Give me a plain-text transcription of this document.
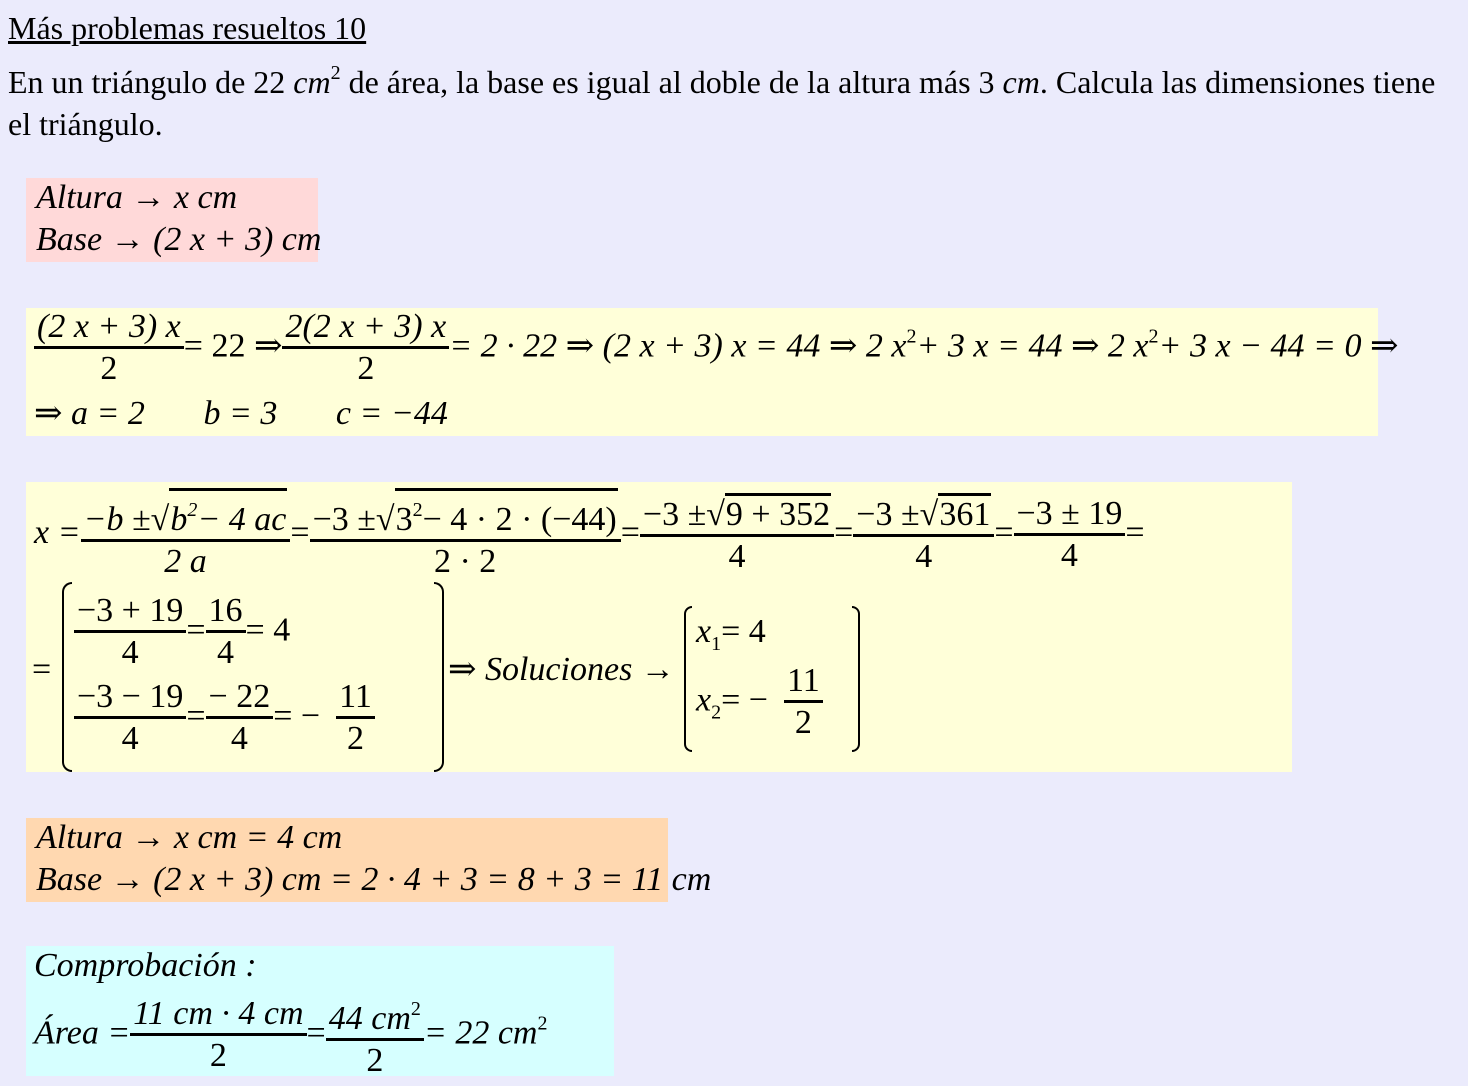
Más problemas resueltos 10
En un triángulo de 22 $cm^2$ de área, la base es igual al doble de la altura más 3 cm. Calcula las dimensiones tiene el triángulo.
Altura → x cm
Base → (2 x + 3) cm
$\frac{(2 x + 3) x}{2} = 22$ ⇒ $\frac{2(2 x + 3) x}{2} = 2 \cdot 22$ ⇒ (2 x + 3) x = 44 ⇒ 2 $x^2+ 3$ x = 44 ⇒ 2 $x^2+ 3$ x − 44 = 0 ⇒
⇒ a = 2 b = 3 c = −44
$x = \frac{-b \pm√b^2- 4 ac}{2 a} = \frac{-3 \pm√3^2- 4 \cdot 2 \cdot (-44)}{2 \cdot 2} = \frac{-3 \pm√9 + 352}{4} = \frac{-3 \pm√361}{4} = \frac{-3 \pm 19}{4}$ =
= $\frac{-3 + 19}{4} = \frac{16}{4} = 4$
$\frac{-3 - 19}{4} = \frac{- 22}{4}$ = − $\frac{11}{2}$
⇒ Soluciones →
$x_1= 4$
$x_2= - \frac{11}{2}$
Altura → x cm = 4 cm
Base → (2 x + 3) cm = 2 · 4 + 3 = 8 + 3 = 11 cm
Comprobación :
Área = $\frac{11 cm \cdot 4 cm}{2} = \frac{44 cm^2}{2} = 22$ $cm^2$
